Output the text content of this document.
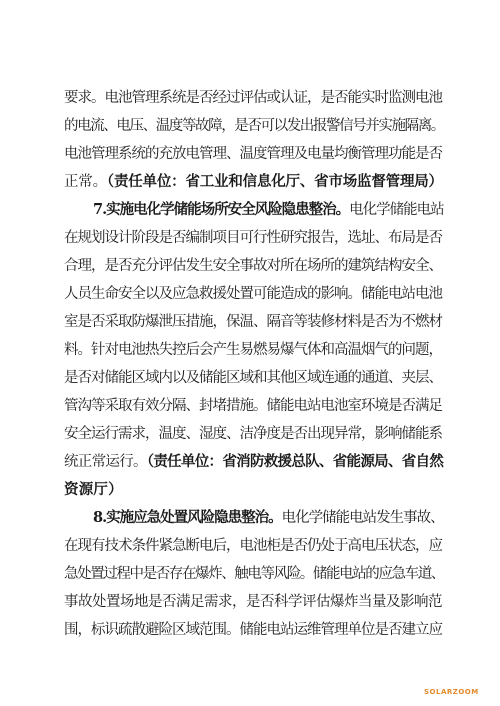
要求。电池管理系统是否经过评估或认证，是否能实时监测电池
的电流、电压、温度等故障，是否可以发出报警信号并实施隔离。
电池管理系统的充放电管理、温度管理及电量均衡管理功能是否
正常。（责任单位：省工业和信息化厅、省市场监督管理局）
7.实施电化学储能场所安全风险隐患整治。电化学储能电站
在规划设计阶段是否编制项目可行性研究报告，选址、布局是否
合理，是否充分评估发生安全事故对所在场所的建筑结构安全、
人员生命安全以及应急救援处置可能造成的影响。储能电站电池
室是否采取防爆泄压措施，保温、隔音等装修材料是否为不燃材
料。针对电池热失控后会产生易燃易爆气体和高温烟气的问题，
是否对储能区域内以及储能区域和其他区域连通的通道、夹层、
管沟等采取有效分隔、封堵措施。储能电站电池室环境是否满足
安全运行需求，温度、湿度、洁净度是否出现异常，影响储能系
统正常运行。（责任单位：省消防救援总队、省能源局、省自然
资源厅）
8.实施应急处置风险隐患整治。电化学储能电站发生事故、
在现有技术条件紧急断电后，电池柜是否仍处于高电压状态，应
急处置过程中是否存在爆炸、触电等风险。储能电站的应急车道、
事故处置场地是否满足需求，是否科学评估爆炸当量及影响范
围，标识疏散避险区域范围。储能电站运维管理单位是否建立应
SOLARZOOM
